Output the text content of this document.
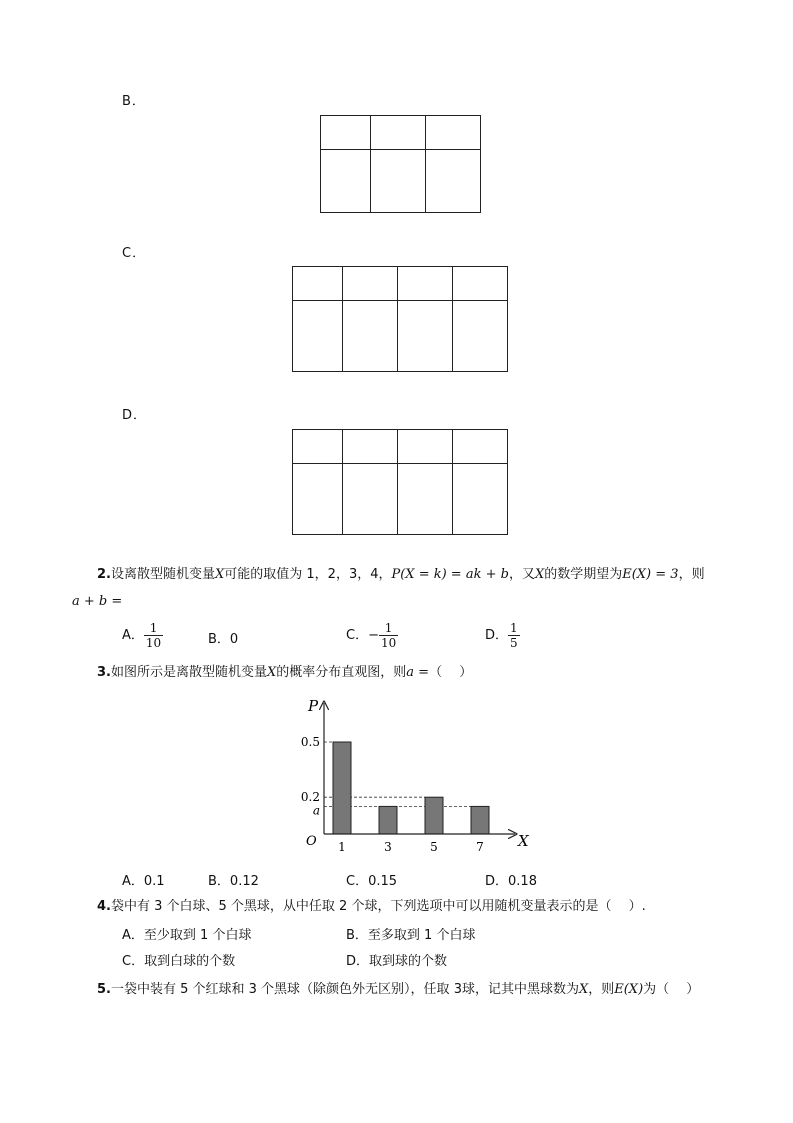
B．

C．

D．

2.设离散型随机变量X可能的取值为 1，2，3，4，P(X = k) = ak + b，又X的数学期望为E(X) = 3，则
a + b =
A． $\frac{1}{10}$	B．0	C．− $\frac{1}{10}$	D． $\frac{1}{5}$
3.如图所示是离散型随机变量X的概率分布直观图，则a =（　 ）
P
X
O
0.5
0.2
a
1	3	5	7
A．0.1	B．0.12	C．0.15	D．0.18
4.袋中有 3 个白球、5 个黑球，从中任取 2 个球，下列选项中可以用随机变量表示的是（　 ）.
A．至少取到 1 个白球	B．至多取到 1 个白球
C．取到白球的个数	D．取到球的个数
5.一袋中装有 5 个红球和 3 个黑球（除颜色外无区别），任取 3球，记其中黑球数为X，则E(X)为（　 ）
